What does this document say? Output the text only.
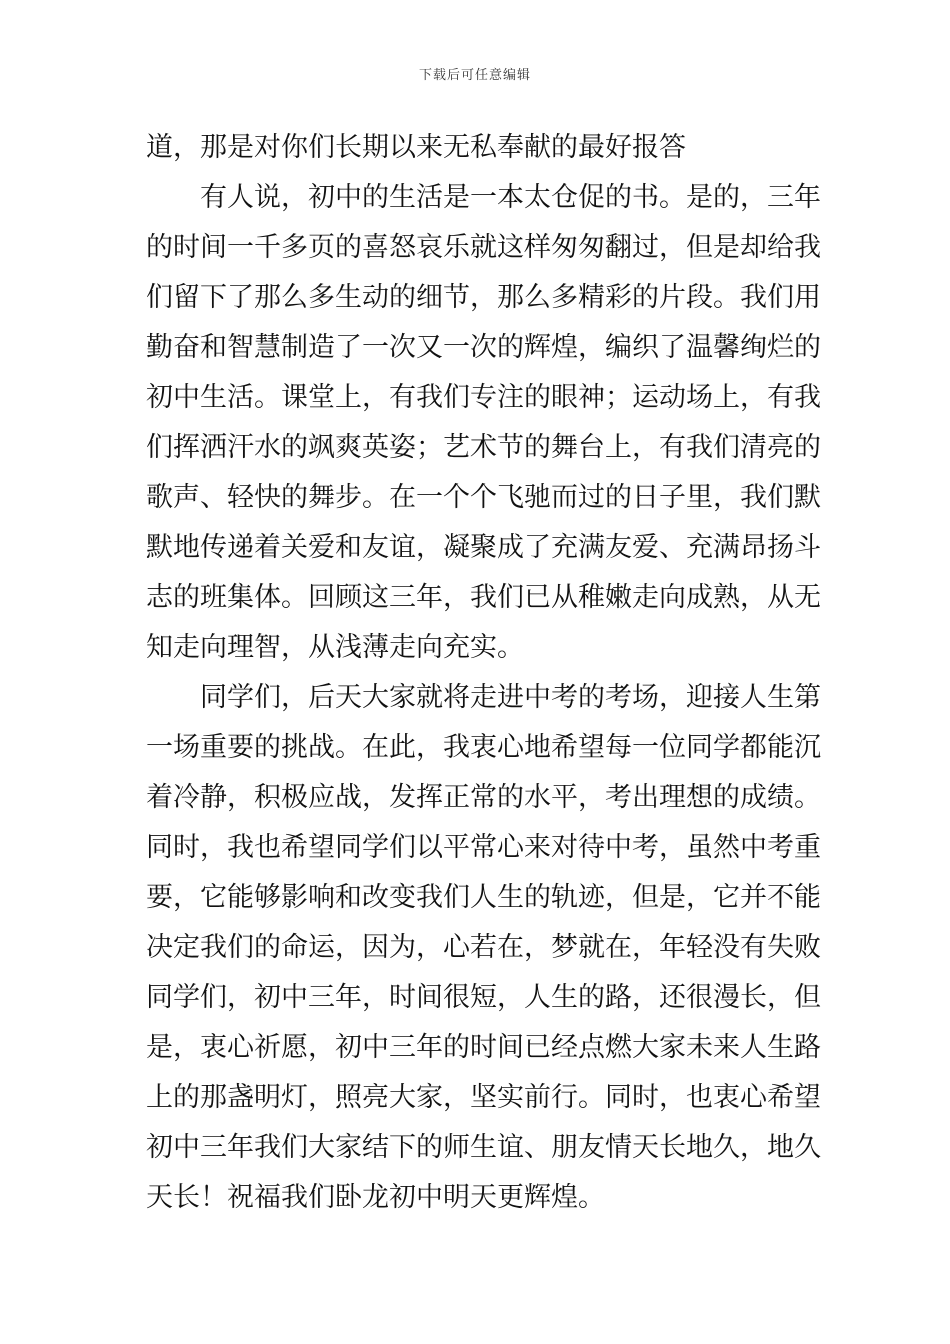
下载后可任意编辑
道，那是对你们长期以来无私奉献的最好报答
　　有人说，初中的生活是一本太仓促的书。是的，三年
的时间一千多页的喜怒哀乐就这样匆匆翻过，但是却给我
们留下了那么多生动的细节，那么多精彩的片段。我们用
勤奋和智慧制造了一次又一次的辉煌，编织了温馨绚烂的
初中生活。课堂上，有我们专注的眼神；运动场上，有我
们挥洒汗水的飒爽英姿；艺术节的舞台上，有我们清亮的
歌声、轻快的舞步。在一个个飞驰而过的日子里，我们默
默地传递着关爱和友谊，凝聚成了充满友爱、充满昂扬斗
志的班集体。回顾这三年，我们已从稚嫩走向成熟，从无
知走向理智，从浅薄走向充实。
　　同学们，后天大家就将走进中考的考场，迎接人生第
一场重要的挑战。在此，我衷心地希望每一位同学都能沉
着冷静，积极应战，发挥正常的水平，考出理想的成绩。
同时，我也希望同学们以平常心来对待中考，虽然中考重
要，它能够影响和改变我们人生的轨迹，但是，它并不能
决定我们的命运，因为，心若在，梦就在，年轻没有失败
同学们，初中三年，时间很短，人生的路，还很漫长，但
是，衷心祈愿，初中三年的时间已经点燃大家未来人生路
上的那盏明灯，照亮大家，坚实前行。同时，也衷心希望
初中三年我们大家结下的师生谊、朋友情天长地久，地久
天长！祝福我们卧龙初中明天更辉煌。
